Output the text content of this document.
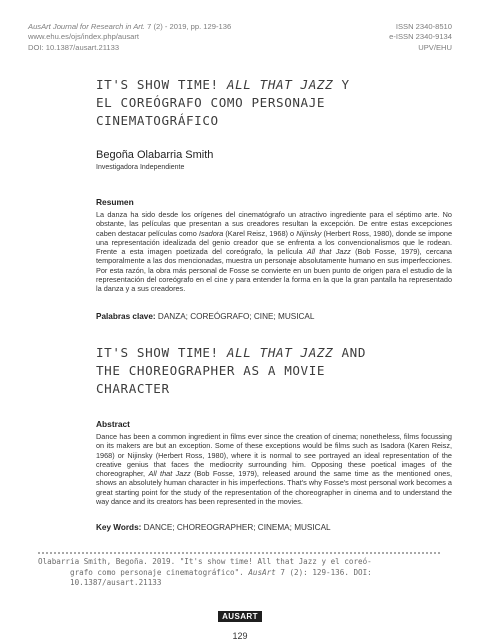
AusArt Journal for Research in Art. 7 (2) - 2019, pp. 129-136
www.ehu.es/ojs/index.php/ausart
DOI: 10.1387/ausart.21133
ISSN 2340-8510
e-ISSN 2340-9134
UPV/EHU
IT'S SHOW TIME! ALL THAT JAZZ Y
EL COREÓGRAFO COMO PERSONAJE
CINEMATOGRÁFICO
Begoña Olabarria Smith
Investigadora Independiente
Resumen

La danza ha sido desde los orígenes del cinematógrafo un atractivo ingrediente para el séptimo arte. No obstante, las películas que presentan a sus creadores resultan la excepción. De entre estas excepciones caben destacar películas como Isadora (Karel Reisz, 1968) o Nijinsky (Herbert Ross, 1980), donde se impone una representación idealizada del genio creador que se enfrenta a los convencionalismos que le rodean. Frente a esta imagen poetizada del coreógrafo, la película All that Jazz (Bob Fosse, 1979), cercana temporalmente a las dos mencionadas, muestra un personaje absolutamente humano en sus imperfecciones. Por esta razón, la obra más personal de Fosse se convierte en un buen punto de origen para el estudio de la representación del coreógrafo en el cine y para entender la forma en la que la gran pantalla ha representado la danza y a sus creadores.

Palabras clave: DANZA; COREÓGRAFO; CINE; MUSICAL
IT'S SHOW TIME! ALL THAT JAZZ AND
THE CHOREOGRAPHER AS A MOVIE
CHARACTER
Abstract

Dance has been a common ingredient in films ever since the creation of cinema; nonetheless, films focussing on its makers are but an exception. Some of these exceptions would be films such as Isadora (Karen Reisz, 1968) or Nijinsky (Herbert Ross, 1980), where it is normal to see portrayed an ideal representation of the creative genius that faces the mediocrity surrounding him. Opposing these poetical images of the choreographer, All that Jazz (Bob Fosse, 1979), released around the same time as the mentioned ones, shows an absolutely human character in his imperfections. That's why Fosse's most personal work becomes a great starting point for the study of the representation of the choreographer in cinema and to understand the way dance and its creators has been represented in the movies.

Key Words: DANCE; CHOREOGRAPHER; CINEMA; MUSICAL
Olabarria Smith, Begoña. 2019. "It's show time! All that Jazz y el coreó-
grafo como personaje cinematográfico". AusArt 7 (2): 129-136. DOI:
10.1387/ausart.21133
AUSART
129
